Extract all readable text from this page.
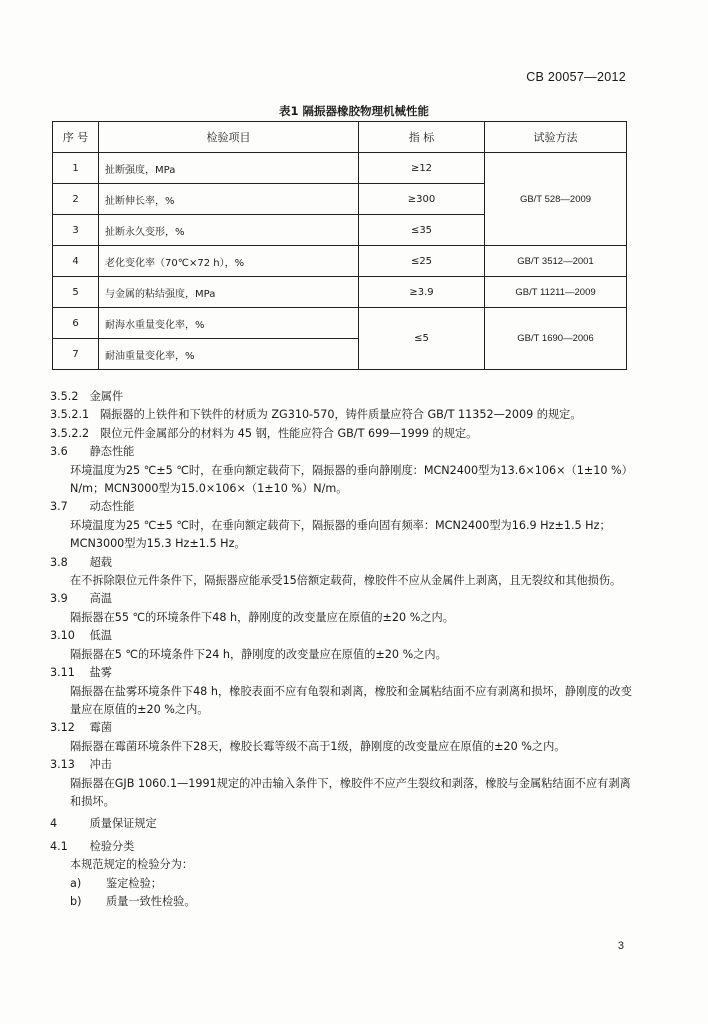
CB 20057—2012
表1 隔振器橡胶物理机械性能
序 号	检验项目	指 标	试验方法
1	扯断强度，MPa	≥12	GB/T 528—2009
2	扯断伸长率，%	≥300	
3	扯断永久变形，%	≤35	
4	老化变化率（70℃×72 h），%	≤25	GB/T 3512—2001
5	与金属的粘结强度，MPa	≥3.9	GB/T 11211—2009
6	耐海水重量变化率，%	≤5	GB/T 1690—2006
7	耐油重量变化率，%		

3.5.2 金属件

3.5.2.1 隔振器的上铁件和下铁件的材质为 ZG310-570，铸件质量应符合 GB/T 11352—2009 的规定。

3.5.2.2 限位元件金属部分的材料为 45 钢，性能应符合 GB/T 699—1999 的规定。

3.6 静态性能

环境温度为25 ℃±5 ℃时，在垂向额定载荷下，隔振器的垂向静刚度：MCN2400型为13.6×106×（1±10 %）N/m；MCN3000型为15.0×106×（1±10 %）N/m。

3.7 动态性能

环境温度为25 ℃±5 ℃时，在垂向额定载荷下，隔振器的垂向固有频率：MCN2400型为16.9 Hz±1.5 Hz；MCN3000型为15.3 Hz±1.5 Hz。

3.8 超载

在不拆除限位元件条件下，隔振器应能承受15倍额定载荷，橡胶件不应从金属件上剥离，且无裂纹和其他损伤。

3.9 高温

隔振器在55 ℃的环境条件下48 h，静刚度的改变量应在原值的±20 %之内。

3.10 低温

隔振器在5 ℃的环境条件下24 h，静刚度的改变量应在原值的±20 %之内。

3.11 盐雾

隔振器在盐雾环境条件下48 h，橡胶表面不应有龟裂和剥离，橡胶和金属粘结面不应有剥离和损坏，静刚度的改变量应在原值的±20 %之内。

3.12 霉菌

隔振器在霉菌环境条件下28天，橡胶长霉等级不高于1级，静刚度的改变量应在原值的±20 %之内。

3.13 冲击

隔振器在GJB 1060.1—1991规定的冲击输入条件下，橡胶件不应产生裂纹和剥落，橡胶与金属粘结面不应有剥离和损坏。

4	质量保证规定

4.1 检验分类

本规范规定的检验分为：

a) 鉴定检验；

b) 质量一致性检验。

3
